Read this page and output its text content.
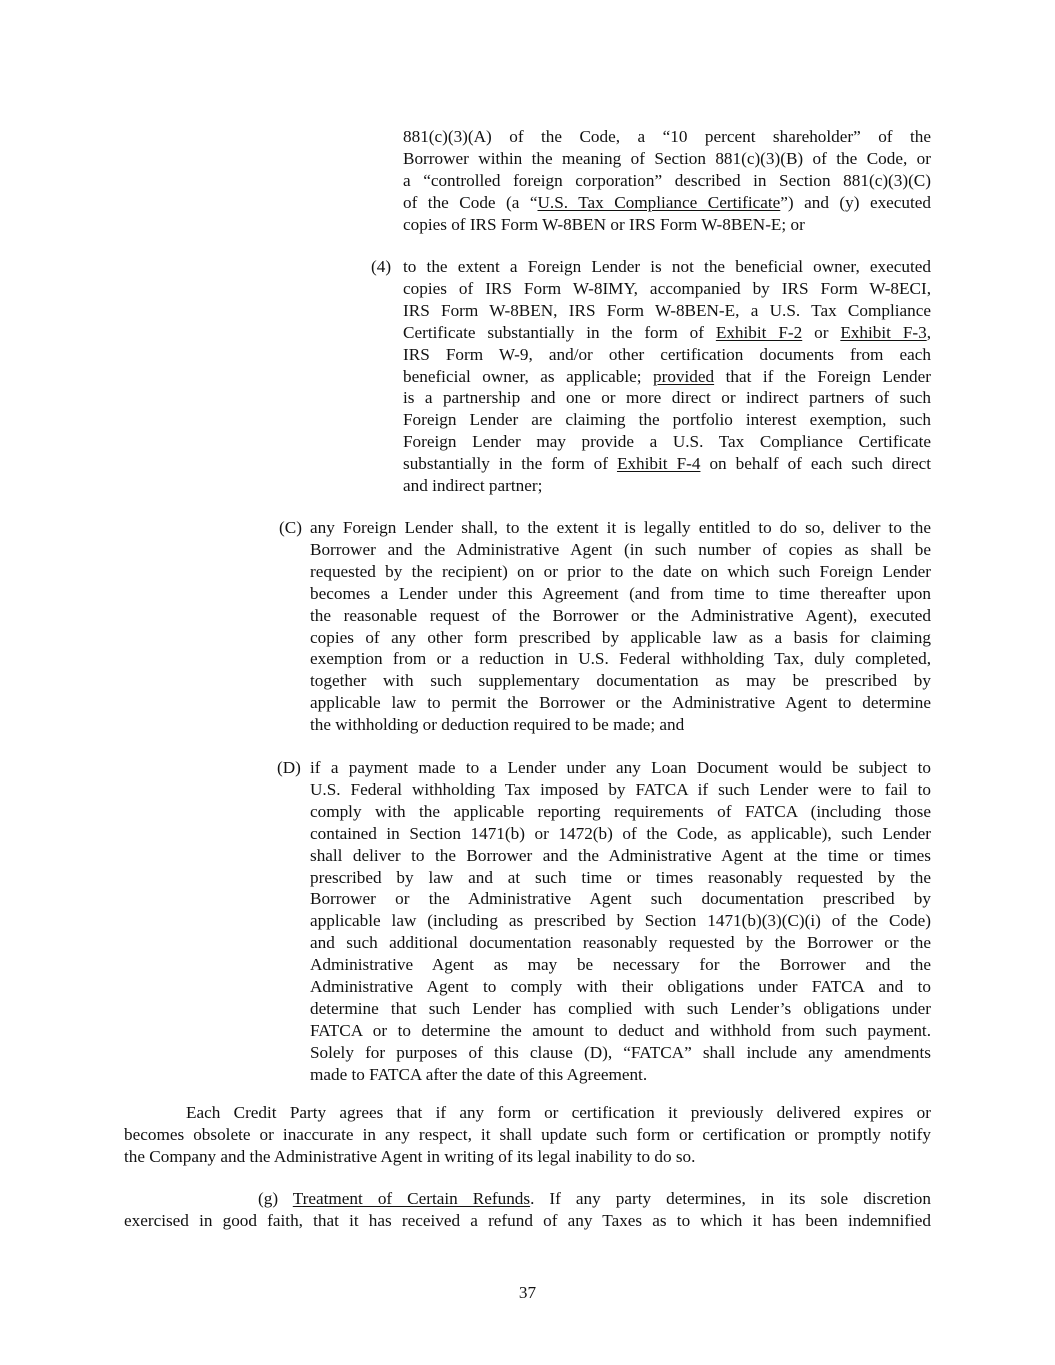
881(c)(3)(A) of the Code, a “10 percent shareholder” of the
Borrower within the meaning of Section 881(c)(3)(B) of the Code, or
a “controlled foreign corporation” described in Section 881(c)(3)(C)
of the Code (a “U.S. Tax Compliance Certificate”) and (y) executed
copies of IRS Form W-8BEN or IRS Form W-8BEN-E; or

(4) to the extent a Foreign Lender is not the beneficial owner, executed
copies of IRS Form W-8IMY, accompanied by IRS Form W-8ECI,
IRS Form W-8BEN, IRS Form W-8BEN-E, a U.S. Tax Compliance
Certificate substantially in the form of Exhibit F-2 or Exhibit F-3,
IRS Form W-9, and/or other certification documents from each
beneficial owner, as applicable; provided that if the Foreign Lender
is a partnership and one or more direct or indirect partners of such
Foreign Lender are claiming the portfolio interest exemption, such
Foreign Lender may provide a U.S. Tax Compliance Certificate
substantially in the form of Exhibit F-4 on behalf of each such direct
and indirect partner;

(C) any Foreign Lender shall, to the extent it is legally entitled to do so, deliver to the
Borrower and the Administrative Agent (in such number of copies as shall be
requested by the recipient) on or prior to the date on which such Foreign Lender
becomes a Lender under this Agreement (and from time to time thereafter upon
the reasonable request of the Borrower or the Administrative Agent), executed
copies of any other form prescribed by applicable law as a basis for claiming
exemption from or a reduction in U.S. Federal withholding Tax, duly completed,
together with such supplementary documentation as may be prescribed by
applicable law to permit the Borrower or the Administrative Agent to determine
the withholding or deduction required to be made; and

(D) if a payment made to a Lender under any Loan Document would be subject to
U.S. Federal withholding Tax imposed by FATCA if such Lender were to fail to
comply with the applicable reporting requirements of FATCA (including those
contained in Section 1471(b) or 1472(b) of the Code, as applicable), such Lender
shall deliver to the Borrower and the Administrative Agent at the time or times
prescribed by law and at such time or times reasonably requested by the
Borrower or the Administrative Agent such documentation prescribed by
applicable law (including as prescribed by Section 1471(b)(3)(C)(i) of the Code)
and such additional documentation reasonably requested by the Borrower or the
Administrative Agent as may be necessary for the Borrower and the
Administrative Agent to comply with their obligations under FATCA and to
determine that such Lender has complied with such Lender’s obligations under
FATCA or to determine the amount to deduct and withhold from such payment.
Solely for purposes of this clause (D), “FATCA” shall include any amendments
made to FATCA after the date of this Agreement.
Each Credit Party agrees that if any form or certification it previously delivered expires or
becomes obsolete or inaccurate in any respect, it shall update such form or certification or promptly notify
the Company and the Administrative Agent in writing of its legal inability to do so.
(g) Treatment of Certain Refunds. If any party determines, in its sole discretion
exercised in good faith, that it has received a refund of any Taxes as to which it has been indemnified
37
